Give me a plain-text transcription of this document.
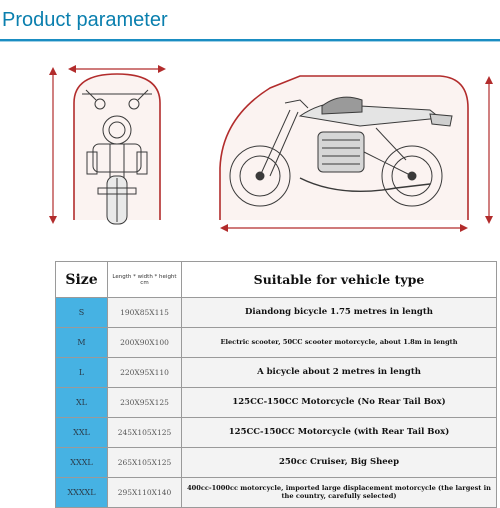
Product parameter
Size	Length * width * height cm	Suitable for vehicle type
S	190X85X115	Diandong bicycle 1.75 metres in length
M	200X90X100	Electric scooter, 50CC scooter motorcycle, about 1.8m in length
L	220X95X110	A bicycle about 2 metres in length
XL	230X95X125	125CC-150CC Motorcycle (No Rear Tail Box)
XXL	245X105X125	125CC-150CC Motorcycle (with Rear Tail Box)
XXXL	265X105X125	250cc Cruiser, Big Sheep
XXXXL	295X110X140	400cc-1000cc motorcycle, imported large displacement motorcycle (the largest in the country, carefully selected)
